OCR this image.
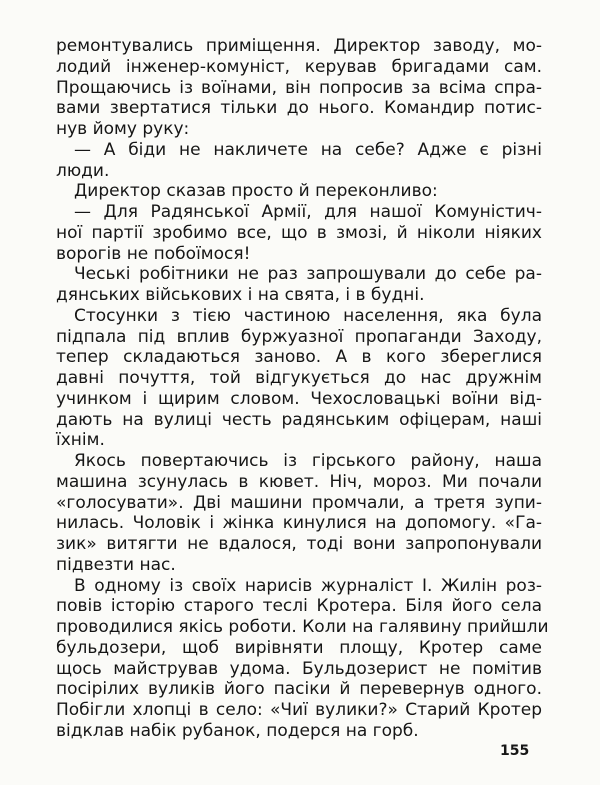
ремонтувались приміщення. Директор заводу, мо-
лодий інженер-комуніст, керував бригадами сам.
Прощаючись із воїнами, він попросив за всіма спра-
вами звертатися тільки до нього. Командир потис-
нув йому руку:
— А біди не накличете на себе? Адже є різні
люди.
Директор сказав просто й переконливо:
— Для Радянської Армії, для нашої Комуністич-
ної партії зробимо все, що в змозі, й ніколи ніяких
ворогів не побоїмося!
Чеські робітники не раз запрошували до себе ра-
дянських військових і на свята, і в будні.
Стосунки з тією частиною населення, яка була
підпала під вплив буржуазної пропаганди Заходу,
тепер складаються заново. А в кого збереглися
давні почуття, той відгукується до нас дружнім
учинком і щирим словом. Чехословацькі воїни від-
дають на вулиці честь радянським офіцерам, наші
їхнім.
Якось повертаючись із гірського району, наша
машина зсунулась в кювет. Ніч, мороз. Ми почали
«голосувати». Дві машини промчали, а третя зупи-
нилась. Чоловік і жінка кинулися на допомогу. «Га-
зик» витягти не вдалося, тоді вони запропонували
підвезти нас.
В одному із своїх нарисів журналіст І. Жилін роз-
повів історію старого теслі Кротера. Біля його села
проводилися якісь роботи. Коли на галявину прийшли
бульдозери, щоб вирівняти площу, Кротер саме
щось майстрував удома. Бульдозерист не помітив
посірілих вуликів його пасіки й перевернув одного.
Побігли хлопці в село: «Чиї вулики?» Старий Кротер
відклав набік рубанок, подерся на горб.
155
